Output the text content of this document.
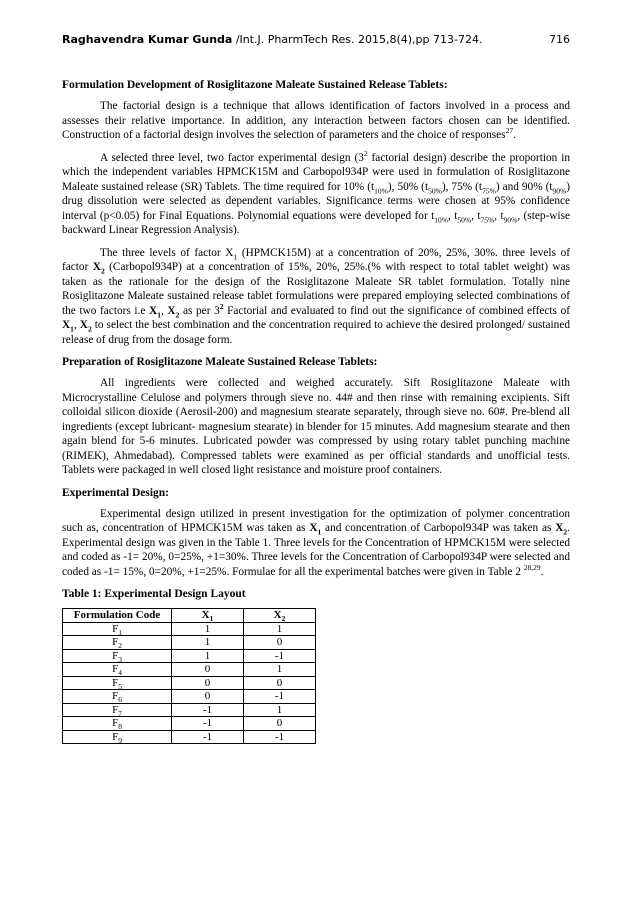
Raghavendra Kumar Gunda /Int.J. PharmTech Res. 2015,8(4),pp 713-724.	716
Formulation Development of Rosiglitazone Maleate Sustained Release Tablets:

The factorial design is a technique that allows identification of factors involved in a process and assesses their relative importance. In addition, any interaction between factors chosen can be identified. Construction of a factorial design involves the selection of parameters and the choice of responses$^{27}$.

A selected three level, two factor experimental design ($3^2$ factorial design) describe the proportion in which the independent variables HPMCK15M and Carbopol934P were used in formulation of Rosiglitazone Maleate sustained release (SR) Tablets. The time required for 10% $(t_{10\%})$, 50% $(t_{50\%})$, 75% $(t_{75\%})$ and 90% $(t_{90\%})$ drug dissolution were selected as dependent variables. Significance terms were chosen at 95% confidence interval (p<0.05) for Final Equations. Polynomial equations were developed for $t_{10\%}$, $t_{50\%}$, $t_{75\%}$, $t_{90\%}$, (step-wise backward Linear Regression Analysis).

The three levels of factor $X_1$ (HPMCK15M) at a concentration of 20%, 25%, 30%. three levels of factor $X_2$ (Carbopol934P) at a concentration of 15%, 20%, 25%.(% with respect to total tablet weight) was taken as the rationale for the design of the Rosiglitazone Maleate SR tablet formulation. Totally nine Rosiglitazone Maleate sustained release tablet formulations were prepared employing selected combinations of the two factors i.e $X_1$, $X_2$ as per $3^2$ Factorial and evaluated to find out the significance of combined effects of $X_1$, $X_2$ to select the best combination and the concentration required to achieve the desired prolonged/ sustained release of drug from the dosage form.

Preparation of Rosiglitazone Maleate Sustained Release Tablets:

All ingredients were collected and weighed accurately. Sift Rosiglitazone Maleate with Microcrystalline Celulose and polymers through sieve no. 44# and then rinse with remaining excipients. Sift colloidal silicon dioxide (Aerosil-200) and magnesium stearate separately, through sieve no. 60#. Pre-blend all ingredients (except lubricant- magnesium stearate) in blender for 15 minutes. Add magnesium stearate and then again blend for 5-6 minutes. Lubricated powder was compressed by using rotary tablet punching machine (RIMEK), Ahmedabad). Compressed tablets were examined as per official standards and unofficial tests. Tablets were packaged in well closed light resistance and moisture proof containers.

Experimental Design:

Experimental design utilized in present investigation for the optimization of polymer concentration such as, concentration of HPMCK15M was taken as $X_1$ and concentration of Carbopol934P was taken as $X_2$. Experimental design was given in the Table 1. Three levels for the Concentration of HPMCK15M were selected and coded as -1= 20%, 0=25%, +1=30%. Three levels for the Concentration of Carbopol934P were selected and coded as -1= 15%, 0=20%, +1=25%. Formulae for all the experimental batches were given in Table 2 $^{28,29}$.

Table 1: Experimental Design Layout
Formulation Code	$X_1$	$X_2$
$F_1$	1	1
$F_2$	1	0
$F_3$	1	-1
$F_4$	0	1
$F_5$	0	0
$F_6$	0	-1
$F_7$	-1	1
$F_8$	-1	0
$F_9$	-1	-1
